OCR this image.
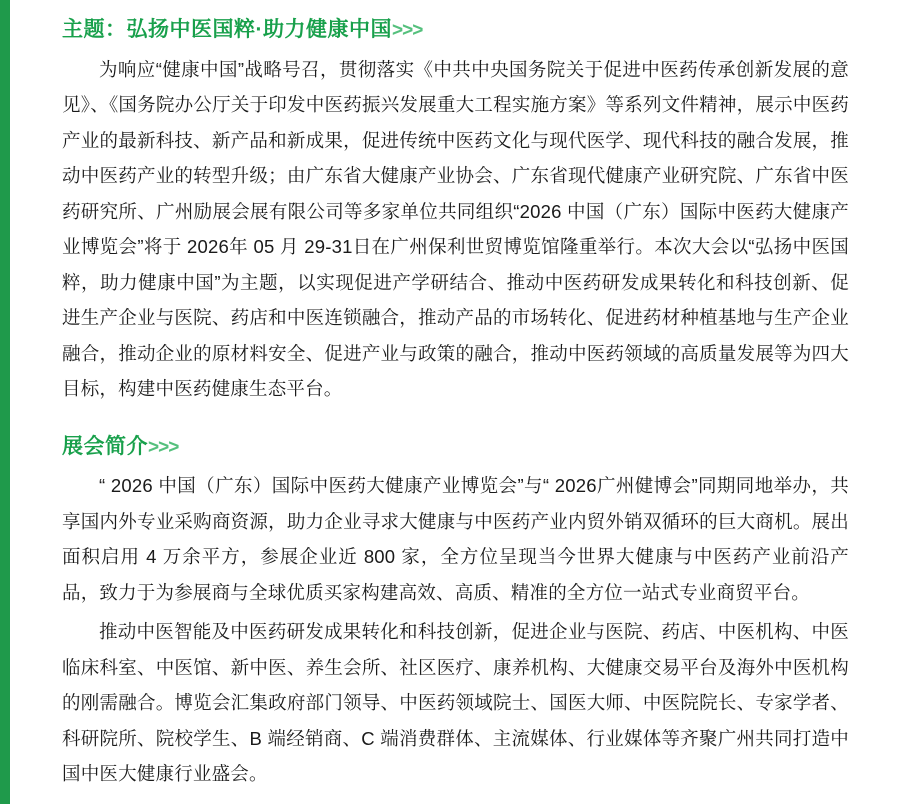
主题：弘扬中医国粹·助力健康中国>>>

为响应“健康中国”战略号召，贯彻落实《中共中央国务院关于促进中医药传承创新发展的意见》、《国务院办公厅关于印发中医药振兴发展重大工程实施方案》等系列文件精神，展示中医药产业的最新科技、新产品和新成果，促进传统中医药文化与现代医学、现代科技的融合发展，推动中医药产业的转型升级；由广东省大健康产业协会、广东省现代健康产业研究院、广东省中医药研究所、广州励展会展有限公司等多家单位共同组织“2026 中国（广东）国际中医药大健康产业博览会”将于 2026年 05 月 29-31日在广州保利世贸博览馆隆重举行。本次大会以“弘扬中医国粹，助力健康中国”为主题，以实现促进产学研结合、推动中医药研发成果转化和科技创新、促进生产企业与医院、药店和中医连锁融合，推动产品的市场转化、促进药材种植基地与生产企业融合，推动企业的原材料安全、促进产业与政策的融合，推动中医药领域的高质量发展等为四大目标，构建中医药健康生态平台。

展会简介>>>

“ 2026 中国（广东）国际中医药大健康产业博览会”与“ 2026广州健博会”同期同地举办，共享国内外专业采购商资源，助力企业寻求大健康与中医药产业内贸外销双循环的巨大商机。展出面积启用 4 万余平方，参展企业近 800 家，全方位呈现当今世界大健康与中医药产业前沿产品，致力于为参展商与全球优质买家构建高效、高质、精准的全方位一站式专业商贸平台。

推动中医智能及中医药研发成果转化和科技创新，促进企业与医院、药店、中医机构、中医临床科室、中医馆、新中医、养生会所、社区医疗、康养机构、大健康交易平台及海外中医机构的刚需融合。博览会汇集政府部门领导、中医药领域院士、国医大师、中医院院长、专家学者、科研院所、院校学生、B 端经销商、C 端消费群体、主流媒体、行业媒体等齐聚广州共同打造中国中医大健康行业盛会。
